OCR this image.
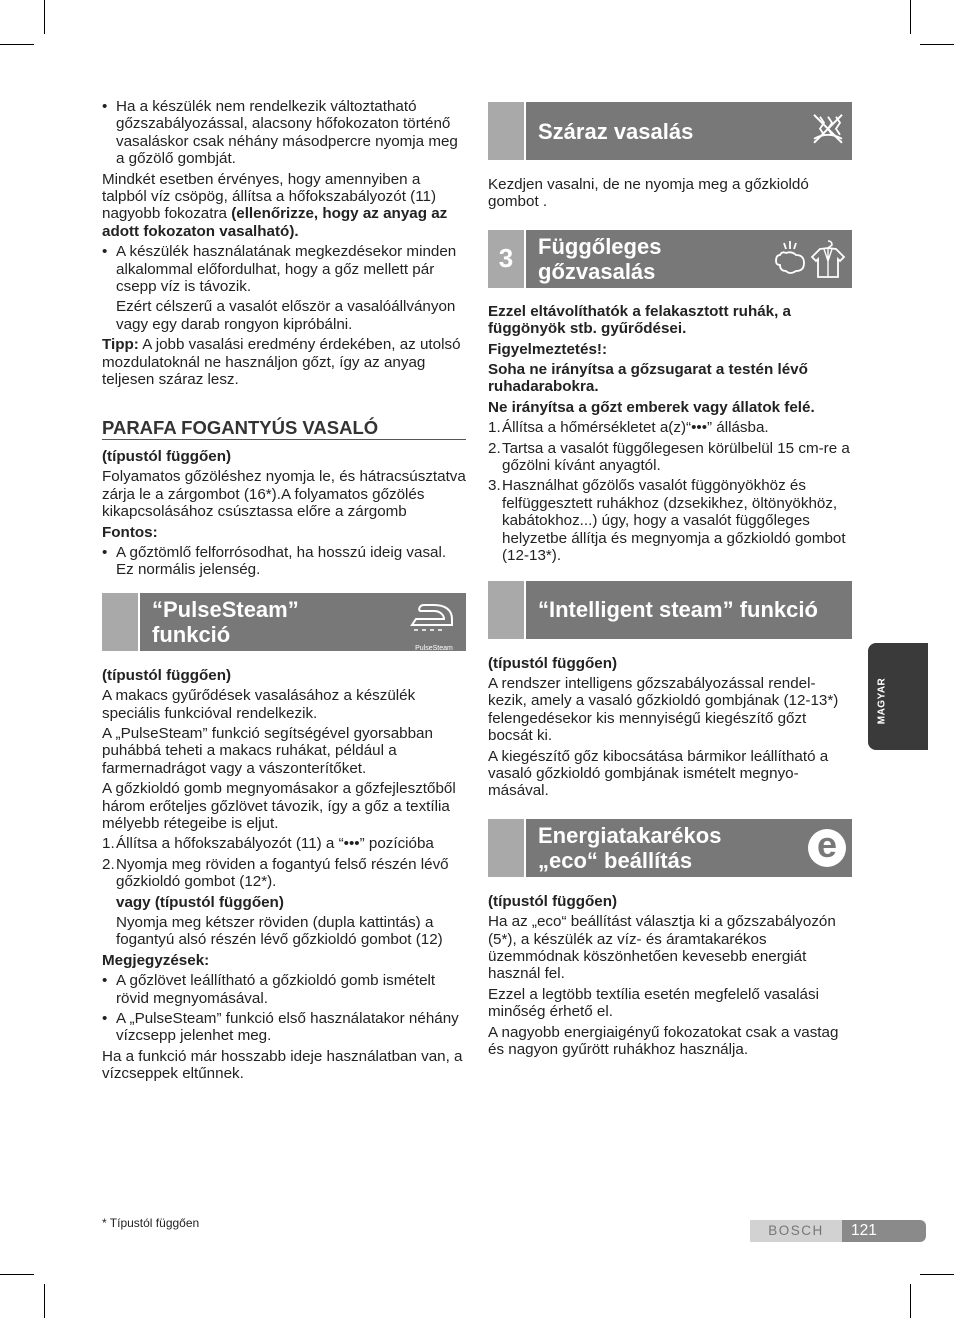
• Ha a készülék nem rendelkezik változtatható gőzszabályozással, alacsony hőfokozaton történő vasaláskor csak néhány másodpercre nyomja meg a gőzölő gombját.

Mindkét esetben érvényes, hogy amennyiben a talpból víz csöpög, állítsa a hőfokszabályozót (11) nagyobb fokozatra (ellenőrizze, hogy az anyag az adott fokozaton vasalható).

• A készülék használatának megkezdésekor minden alkalommal előfordulhat, hogy a gőz mellett pár csepp víz is távozik.

Ezért célszerű a vasalót először a vasalóállványon vagy egy darab rongyon kipróbálni.

Tipp: A jobb vasalási eredmény érdekében, az utolsó mozdulatoknál ne használjon gőzt, így az anyag teljesen száraz lesz.

PARAFA FOGANTYÚS VASALÓ

(típustól függően)

Folyamatos gőzöléshez nyomja le, és hátracsúsztatva zárja le a zárgombot (16*).A folyamatos gőzölés kikapcsolásához csúsztassa előre a zárgomb

Fontos:

• A gőztömlő felforrósodhat, ha hosszú ideig vasal. Ez normális jelenség.
“PulseSteam” funkció
PulseSteam

(típustól függően)

A makacs gyűrődések vasalásához a készülék speciális funkcióval rendelkezik.

A „PulseSteam” funkció segítségével gyorsabban puhábbá teheti a makacs ruhákat, például a farmernadrágot vagy a vászonterítőket.

A gőzkioldó gomb megnyomásakor a gőzfejlesztőből három erőteljes gőzlövet távozik, így a gőz a textília mélyebb rétegeibe is eljut.

1. Állítsa a hőfokszabályozót (11) a “•••” pozícióba
2. Nyomja meg röviden a fogantyú felső részén lévő gőzkioldó gombot (12*).

vagy (típustól függően)

Nyomja meg kétszer röviden (dupla kattintás) a fogantyú alsó részén lévő gőzkioldó gombot (12)

Megjegyzések:

• A gőzlövet leállítható a gőzkioldó gomb ismételt rövid megnyomásával.
• A „PulseSteam” funkció első használatakor néhány vízcsepp jelenhet meg.

Ha a funkció már hosszabb ideje használatban van, a vízcseppek eltűnnek.

Száraz vasalás

Kezdjen vasalni, de ne nyomja meg a gőzkioldó gombot .

3	Függőleges gőzvasalás

Ezzel eltávolíthatók a felakasztott ruhák, a függönyök stb. gyűrődései.

Figyelmeztetés!:

Soha ne irányítsa a gőzsugarat a testén lévő ruhadarabokra.

Ne irányítsa a gőzt emberek vagy állatok felé.

1. Állítsa a hőmérsékletet a(z)“•••” állásba.
2. Tartsa a vasalót függőlegesen körülbelül 15 cm-re a gőzölni kívánt anyagtól.
3. Használhat gőzölős vasalót függönyökhöz és felfüggesztett ruhákhoz (dzsekikhez, öltönyökhöz, kabátokhoz...) úgy, hogy a vasalót függőleges helyzetbe állítja és megnyomja a gőzkioldó gombot (12-13*).
“Intelligent steam” funkció

(típustól függően)

A rendszer intelligens gőzszabályozással rendel-kezik, amely a vasaló gőzkioldó gombjának (12-13*) felengedésekor kis mennyiségű kiegészítő gőzt bocsát ki.

A kiegészítő gőz kibocsátása bármikor leállítható a vasaló gőzkioldó gombjának ismételt megnyo-másával.

Energiatakarékos „eco“ beállítás	e

(típustól függően)

Ha az „eco“ beállítást választja ki a gőzszabályozón (5*), a készülék az víz- és áramtakarékos üzemmódnak köszönhetően kevesebb energiát használ fel.

Ezzel a legtöbb textília esetén megfelelő vasalási minőség érhető el.

A nagyobb energiaigényű fokozatokat csak a vastag és nagyon gyűrött ruhákhoz használja.

MAGYAR
* Típustól függően	BOSCH	121
